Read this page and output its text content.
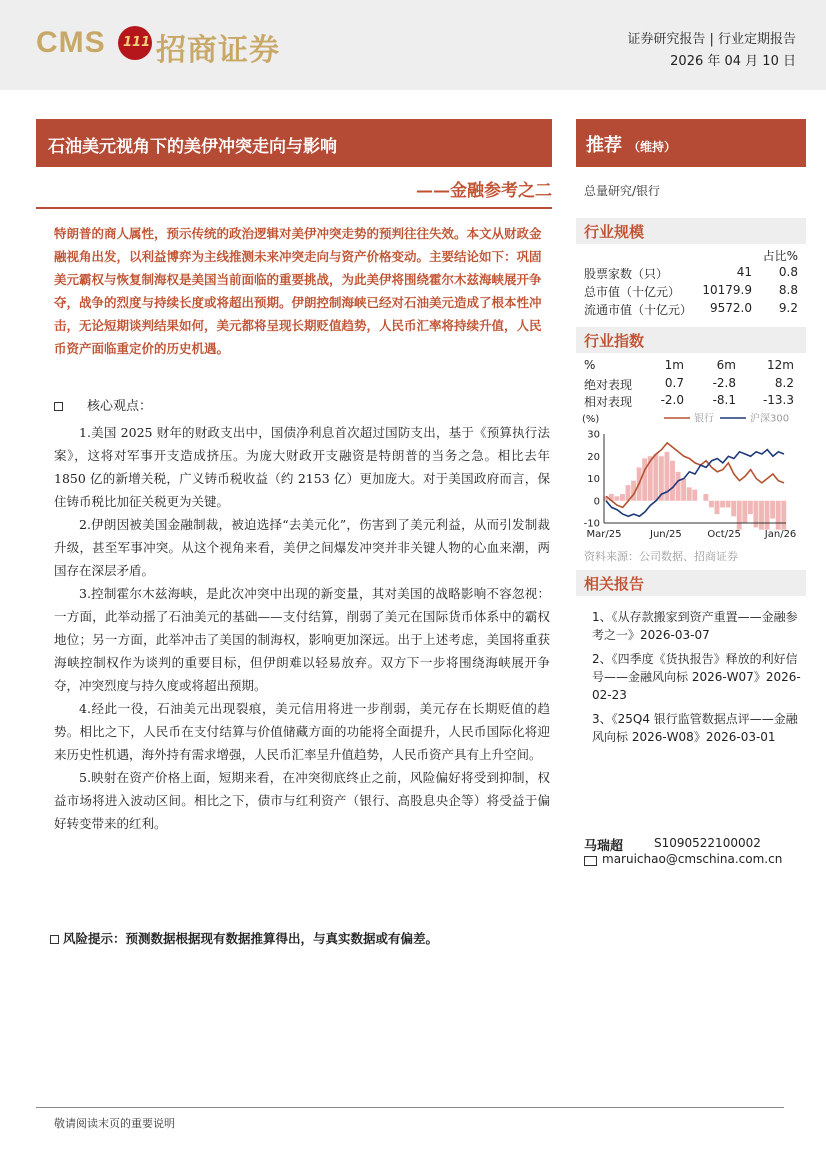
CMS 111 招商证券	证券研究报告 | 行业定期报告
2026 年 04 月 10 日
石油美元视角下的美伊冲突走向与影响
——金融参考之二
特朗普的商人属性，预示传统的政治逻辑对美伊冲突走势的预判往往失效。本文从财政金融视角出发，以利益博弈为主线推测未来冲突走向与资产价格变动。主要结论如下：巩固美元霸权与恢复制海权是美国当前面临的重要挑战，为此美伊将围绕霍尔木兹海峡展开争夺，战争的烈度与持续长度或将超出预期。伊朗控制海峡已经对石油美元造成了根本性冲击，无论短期谈判结果如何，美元都将呈现长期贬值趋势，人民币汇率将持续升值，人民币资产面临重定价的历史机遇。
核心观点：

1.美国 2025 财年的财政支出中，国债净利息首次超过国防支出，基于《预算执行法案》，这将对军事开支造成挤压。为庞大财政开支融资是特朗普的当务之急。相比去年 1850 亿的新增关税，广义铸币税收益（约 2153 亿）更加庞大。对于美国政府而言，保住铸币税比加征关税更为关键。

2.伊朗因被美国金融制裁，被迫选择“去美元化”，伤害到了美元利益，从而引发制裁升级，甚至军事冲突。从这个视角来看，美伊之间爆发冲突并非关键人物的心血来潮，两国存在深层矛盾。

3.控制霍尔木兹海峡，是此次冲突中出现的新变量，其对美国的战略影响不容忽视：一方面，此举动摇了石油美元的基础——支付结算，削弱了美元在国际货币体系中的霸权地位；另一方面，此举冲击了美国的制海权，影响更加深远。出于上述考虑，美国将重获海峡控制权作为谈判的重要目标，但伊朗难以轻易放弃。双方下一步将围绕海峡展开争夺，冲突烈度与持久度或将超出预期。

4.经此一役，石油美元出现裂痕，美元信用将进一步削弱，美元存在长期贬值的趋势。相比之下，人民币在支付结算与价值储藏方面的功能将全面提升，人民币国际化将迎来历史性机遇，海外持有需求增强，人民币汇率呈升值趋势，人民币资产具有上升空间。

5.映射在资产价格上面，短期来看，在冲突彻底终止之前，风险偏好将受到抑制，权益市场将进入波动区间。相比之下，债市与红利资产（银行、高股息央企等）将受益于偏好转变带来的红利。

风险提示：预测数据根据现有数据推算得出，与真实数据或有偏差。
推荐 （维持）
总量研究/银行
行业规模
占比%
股票家数（只）	41	0.8
总市值（十亿元）	10179.9	8.8
流通市值（十亿元）	9572.0	9.2
行业指数
%	1m	6m	12m
绝对表现	0.7	-2.8	8.2
相对表现	-2.0	-8.1	-13.3
(%)
30
20
10
0
-10
Mar/25	Jun/25	Oct/25 Jan/26
银行	沪深300
资料来源：公司数据、招商证券
相关报告
1、《从存款搬家到资产重置——金融参考之一》2026-03-07
2、《四季度《货执报告》释放的利好信号——金融风向标 2026-W07》2026-02-23
3、《25Q4 银行监管数据点评——金融风向标 2026-W08》2026-03-01
马瑞超	S1090522100002
maruichao@cmschina.com.cn
敬请阅读末页的重要说明
